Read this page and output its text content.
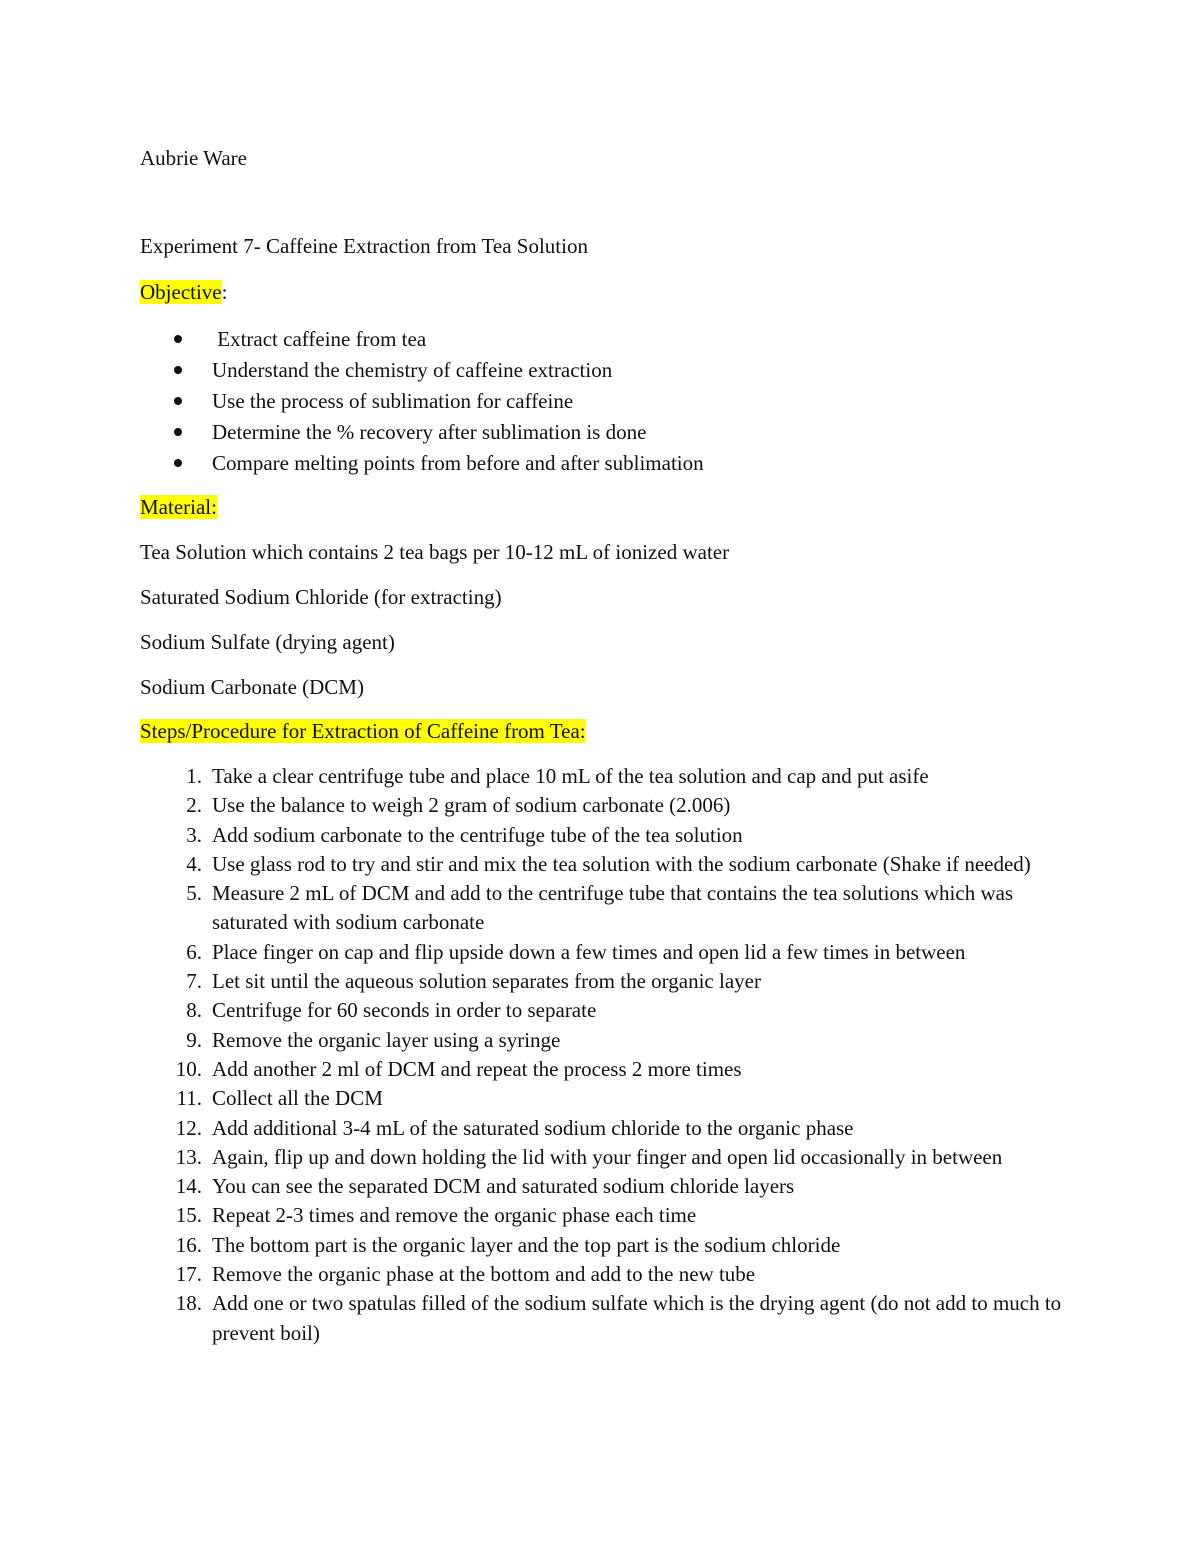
Aubrie Ware
Experiment 7- Caffeine Extraction from Tea Solution
Objective:
Extract caffeine from tea
Understand the chemistry of caffeine extraction
Use the process of sublimation for caffeine
Determine the % recovery after sublimation is done
Compare melting points from before and after sublimation
Material:
Tea Solution which contains 2 tea bags per 10-12 mL of ionized water
Saturated Sodium Chloride (for extracting)
Sodium Sulfate (drying agent)
Sodium Carbonate (DCM)
Steps/Procedure for Extraction of Caffeine from Tea:
1. Take a clear centrifuge tube and place 10 mL of the tea solution and cap and put asife
2. Use the balance to weigh 2 gram of sodium carbonate (2.006)
3. Add sodium carbonate to the centrifuge tube of the tea solution
4. Use glass rod to try and stir and mix the tea solution with the sodium carbonate (Shake if needed)
5. Measure 2 mL of DCM and add to the centrifuge tube that contains the tea solutions which was saturated with sodium carbonate
6. Place finger on cap and flip upside down a few times and open lid a few times in between
7. Let sit until the aqueous solution separates from the organic layer
8. Centrifuge for 60 seconds in order to separate
9. Remove the organic layer using a syringe
10. Add another 2 ml of DCM and repeat the process 2 more times
11. Collect all the DCM
12. Add additional 3-4 mL of the saturated sodium chloride to the organic phase
13. Again, flip up and down holding the lid with your finger and open lid occasionally in between
14. You can see the separated DCM and saturated sodium chloride layers
15. Repeat 2-3 times and remove the organic phase each time
16. The bottom part is the organic layer and the top part is the sodium chloride
17. Remove the organic phase at the bottom and add to the new tube
18. Add one or two spatulas filled of the sodium sulfate which is the drying agent (do not add to much to prevent boil)
